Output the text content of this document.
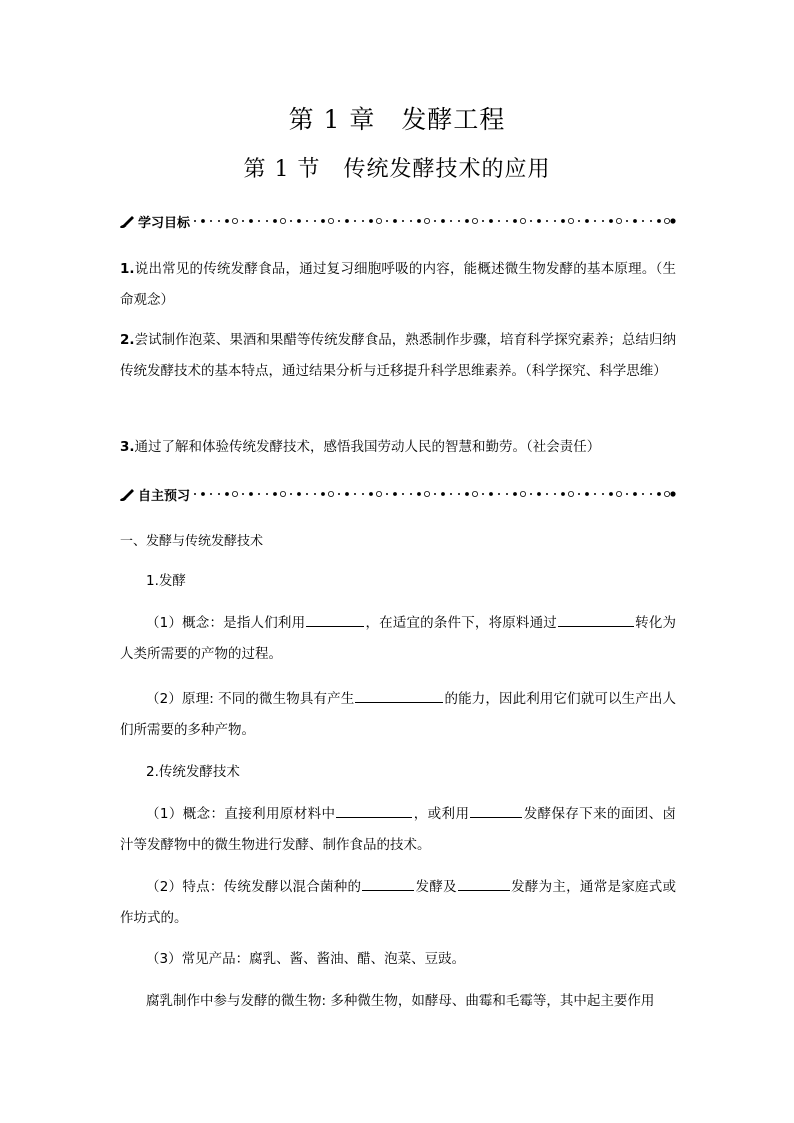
第 1 章　发酵工程
第 1 节　传统发酵技术的应用
学习目标
1.说出常见的传统发酵食品，通过复习细胞呼吸的内容，能概述微生物发酵的基本原理。（生命观念）
2.尝试制作泡菜、果酒和果醋等传统发酵食品，熟悉制作步骤，培育科学探究素养；总结归纳传统发酵技术的基本特点，通过结果分析与迁移提升科学思维素养。（科学探究、科学思维）
3.通过了解和体验传统发酵技术，感悟我国劳动人民的智慧和勤劳。（社会责任）
自主预习
一、发酵与传统发酵技术
1.发酵
（1）概念：是指人们利用	，在适宜的条件下，将原料通过	转化为人类所需要的产物的过程。
（2）原理: 不同的微生物具有产生	的能力，因此利用它们就可以生产出人们所需要的多种产物。
2.传统发酵技术
（1）概念：直接利用原材料中	，或利用	发酵保存下来的面团、卤汁等发酵物中的微生物进行发酵、制作食品的技术。
（2）特点：传统发酵以混合菌种的	发酵及	发酵为主，通常是家庭式或作坊式的。
（3）常见产品：腐乳、酱、酱油、醋、泡菜、豆豉。
腐乳制作中参与发酵的微生物: 多种微生物，如酵母、曲霉和毛霉等，其中起主要作用
